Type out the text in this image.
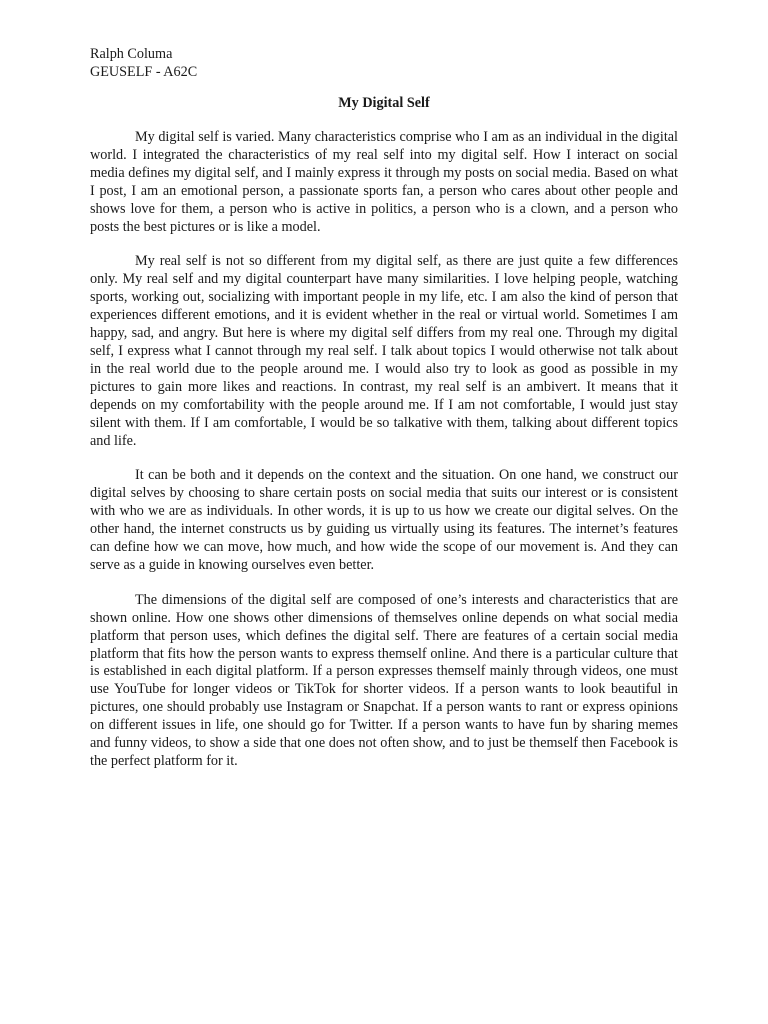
Ralph Columa
GEUSELF - A62C
My Digital Self

My digital self is varied. Many characteristics comprise who I am as an individual in the digital world. I integrated the characteristics of my real self into my digital self. How I interact on social media defines my digital self, and I mainly express it through my posts on social media. Based on what I post, I am an emotional person, a passionate sports fan, a person who cares about other people and shows love for them, a person who is active in politics, a person who is a clown, and a person who posts the best pictures or is like a model.

My real self is not so different from my digital self, as there are just quite a few differences only. My real self and my digital counterpart have many similarities. I love helping people, watching sports, working out, socializing with important people in my life, etc. I am also the kind of person that experiences different emotions, and it is evident whether in the real or virtual world. Sometimes I am happy, sad, and angry. But here is where my digital self differs from my real one. Through my digital self, I express what I cannot through my real self. I talk about topics I would otherwise not talk about in the real world due to the people around me. I would also try to look as good as possible in my pictures to gain more likes and reactions. In contrast, my real self is an ambivert. It means that it depends on my comfortability with the people around me. If I am not comfortable, I would just stay silent with them. If I am comfortable, I would be so talkative with them, talking about different topics and life.

It can be both and it depends on the context and the situation. On one hand, we construct our digital selves by choosing to share certain posts on social media that suits our interest or is consistent with who we are as individuals. In other words, it is up to us how we create our digital selves. On the other hand, the internet constructs us by guiding us virtually using its features. The internet’s features can define how we can move, how much, and how wide the scope of our movement is. And they can serve as a guide in knowing ourselves even better.

The dimensions of the digital self are composed of one’s interests and characteristics that are shown online. How one shows other dimensions of themselves online depends on what social media platform that person uses, which defines the digital self. There are features of a certain social media platform that fits how the person wants to express themself online. And there is a particular culture that is established in each digital platform. If a person expresses themself mainly through videos, one must use YouTube for longer videos or TikTok for shorter videos. If a person wants to look beautiful in pictures, one should probably use Instagram or Snapchat. If a person wants to rant or express opinions on different issues in life, one should go for Twitter. If a person wants to have fun by sharing memes and funny videos, to show a side that one does not often show, and to just be themself then Facebook is the perfect platform for it.
